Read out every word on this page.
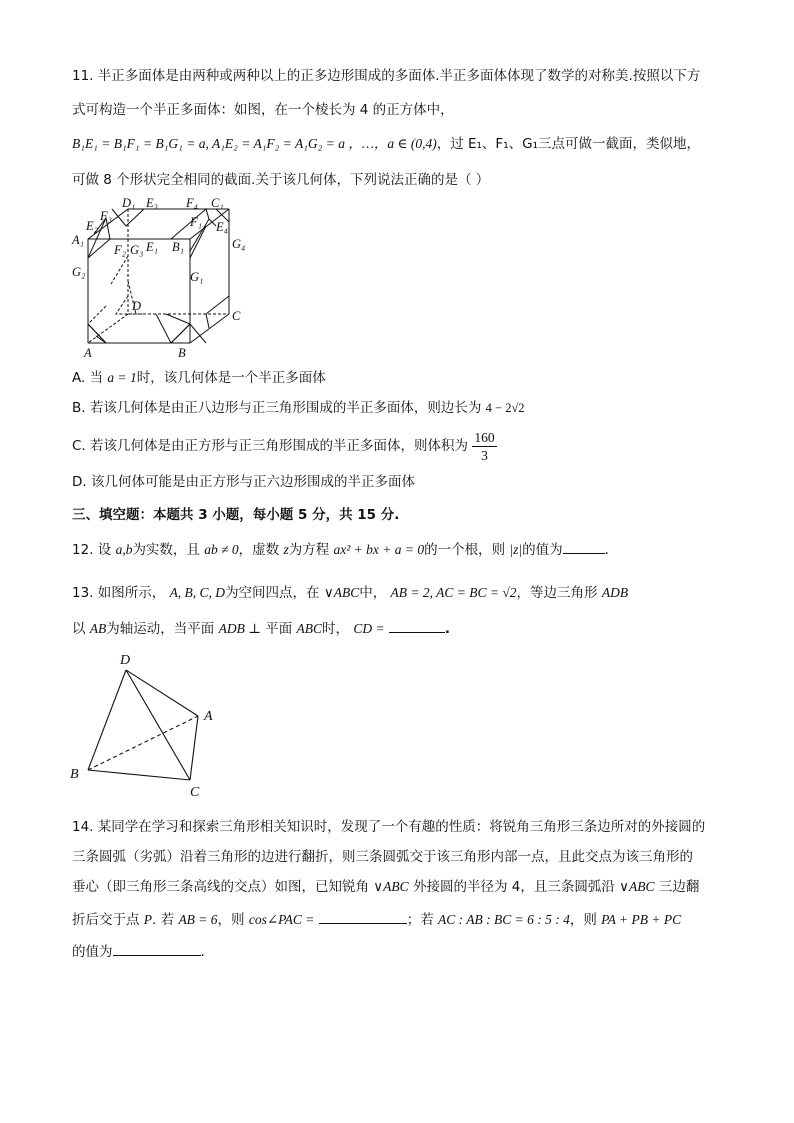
11. 半正多面体是由两种或两种以上的正多边形围成的多面体.半正多面体体现了数学的对称美.按照以下方
式可构造一个半正多面体：如图，在一个棱长为 4 的正方体中，
B₁E₁ = B₁F₁ = B₁G₁ = a, A₁E₂ = A₁F₂ = A₁G₂ = a ，…，a ∈ (0,4)，过 E₁、F₁、G₁三点可做一截面，类似地，
可做 8 个形状完全相同的截面.关于该几何体，下列说法正确的是（ ）
D₁ E₃ F₄ C₁
F₃
E₂	F₁ E₄
A₁	G₄
F₂ G₃ E₁ B₁
G₂	G₁
D
C
A	B
A. 当 a = 1时，该几何体是一个半正多面体
B. 若该几何体是由正八边形与正三角形围成的半正多面体，则边长为 4 − 2√2
C. 若该几何体是由正方形与正三角形围成的半正多面体，则体积为 $\frac{160}{3}$
D. 该几何体可能是由正方形与正六边形围成的半正多面体
三、填空题：本题共 3 小题，每小题 5 分，共 15 分.
12. 设 a,b为实数，且 ab ≠ 0，虚数 z为方程 ax² + bx + a = 0的一个根，则 |z|的值为	.
13. 如图所示， A, B, C, D为空间四点，在 ∨ABC中， AB = 2, AC = BC = √2，等边三角形 ADB
以 AB为轴运动，当平面 ADB ⊥ 平面 ABC时， CD =	.
D
A
B
C
14. 某同学在学习和探索三角形相关知识时，发现了一个有趣的性质：将锐角三角形三条边所对的外接圆的
三条圆弧（劣弧）沿着三角形的边进行翻折，则三条圆弧交于该三角形内部一点，且此交点为该三角形的
垂心（即三角形三条高线的交点）如图，已知锐角 ∨ABC 外接圆的半径为 4，且三条圆弧沿 ∨ABC 三边翻
折后交于点 P. 若 AB = 6，则 cos∠PAC =	；若 AC : AB : BC = 6 : 5 : 4，则 PA + PB + PC
的值为	.
